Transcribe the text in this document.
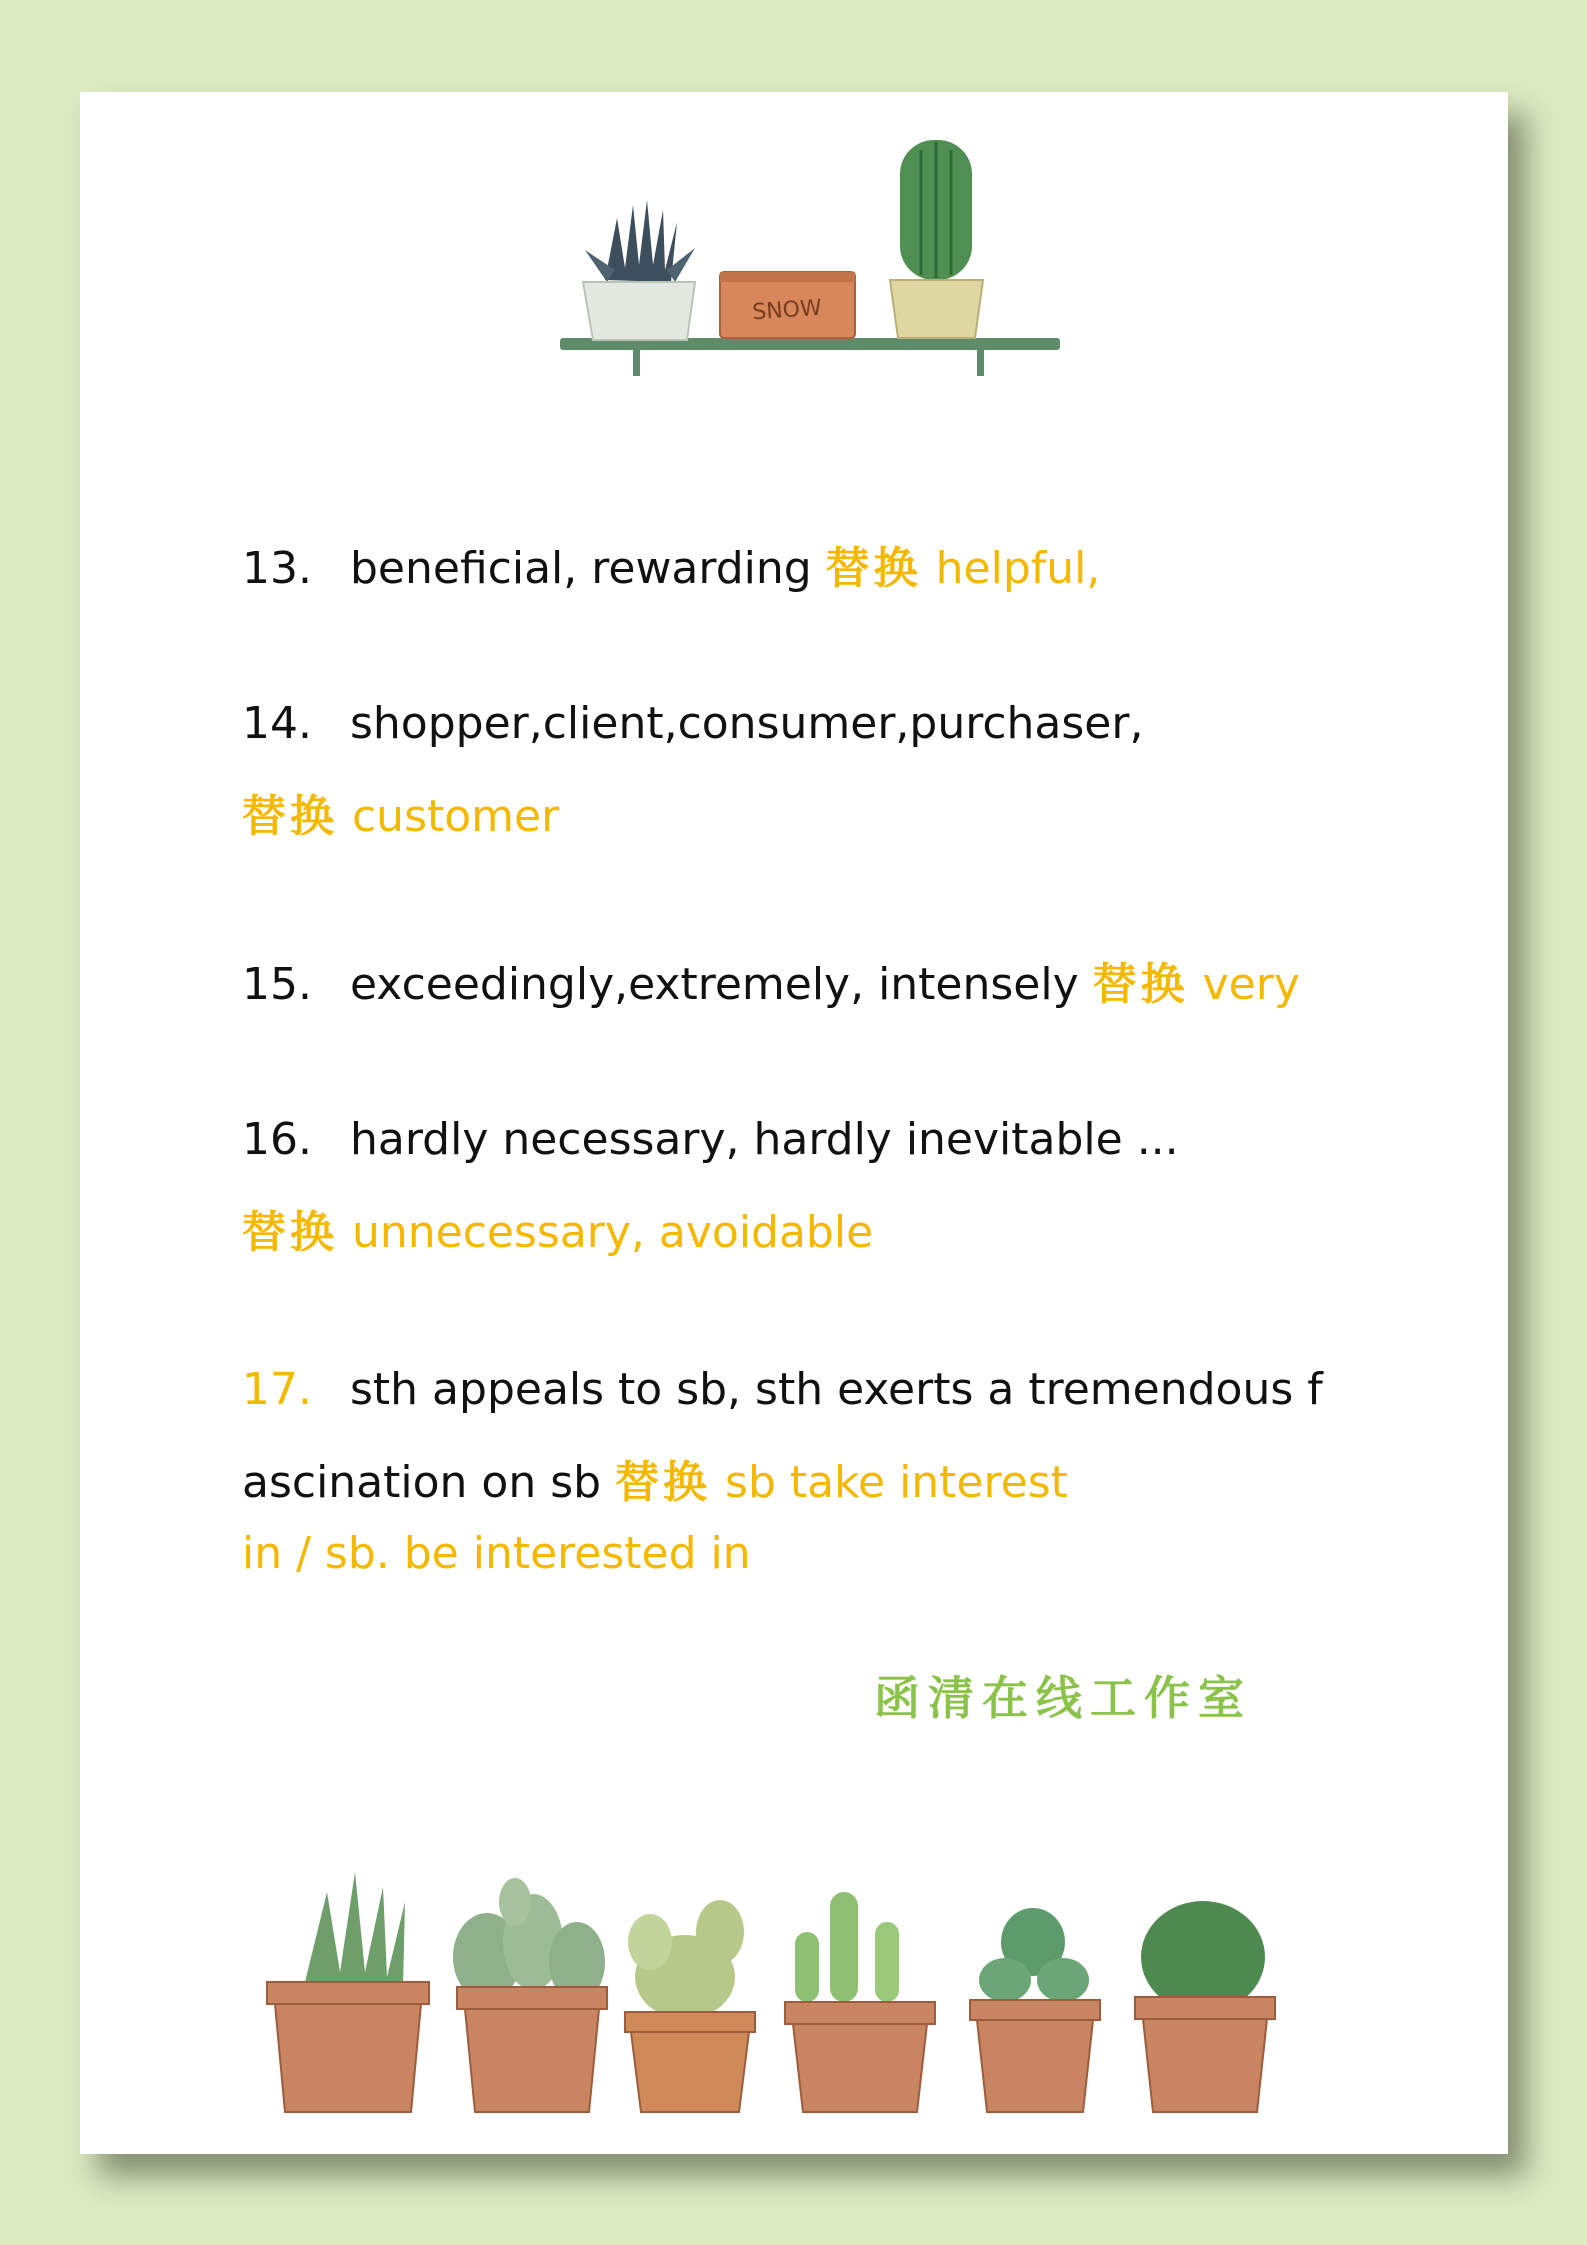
SNOW
13. beneficial, rewarding 替换 helpful,
14. shopper,client,consumer,purchaser,
替换 customer
15. exceedingly,extremely, intensely 替换 very
16. hardly necessary, hardly inevitable ...
替换 unnecessary, avoidable
17. sth appeals to sb, sth exerts a tremendous f
ascination on sb 替换 sb take interest
in / sb. be interested in
函清在线工作室
